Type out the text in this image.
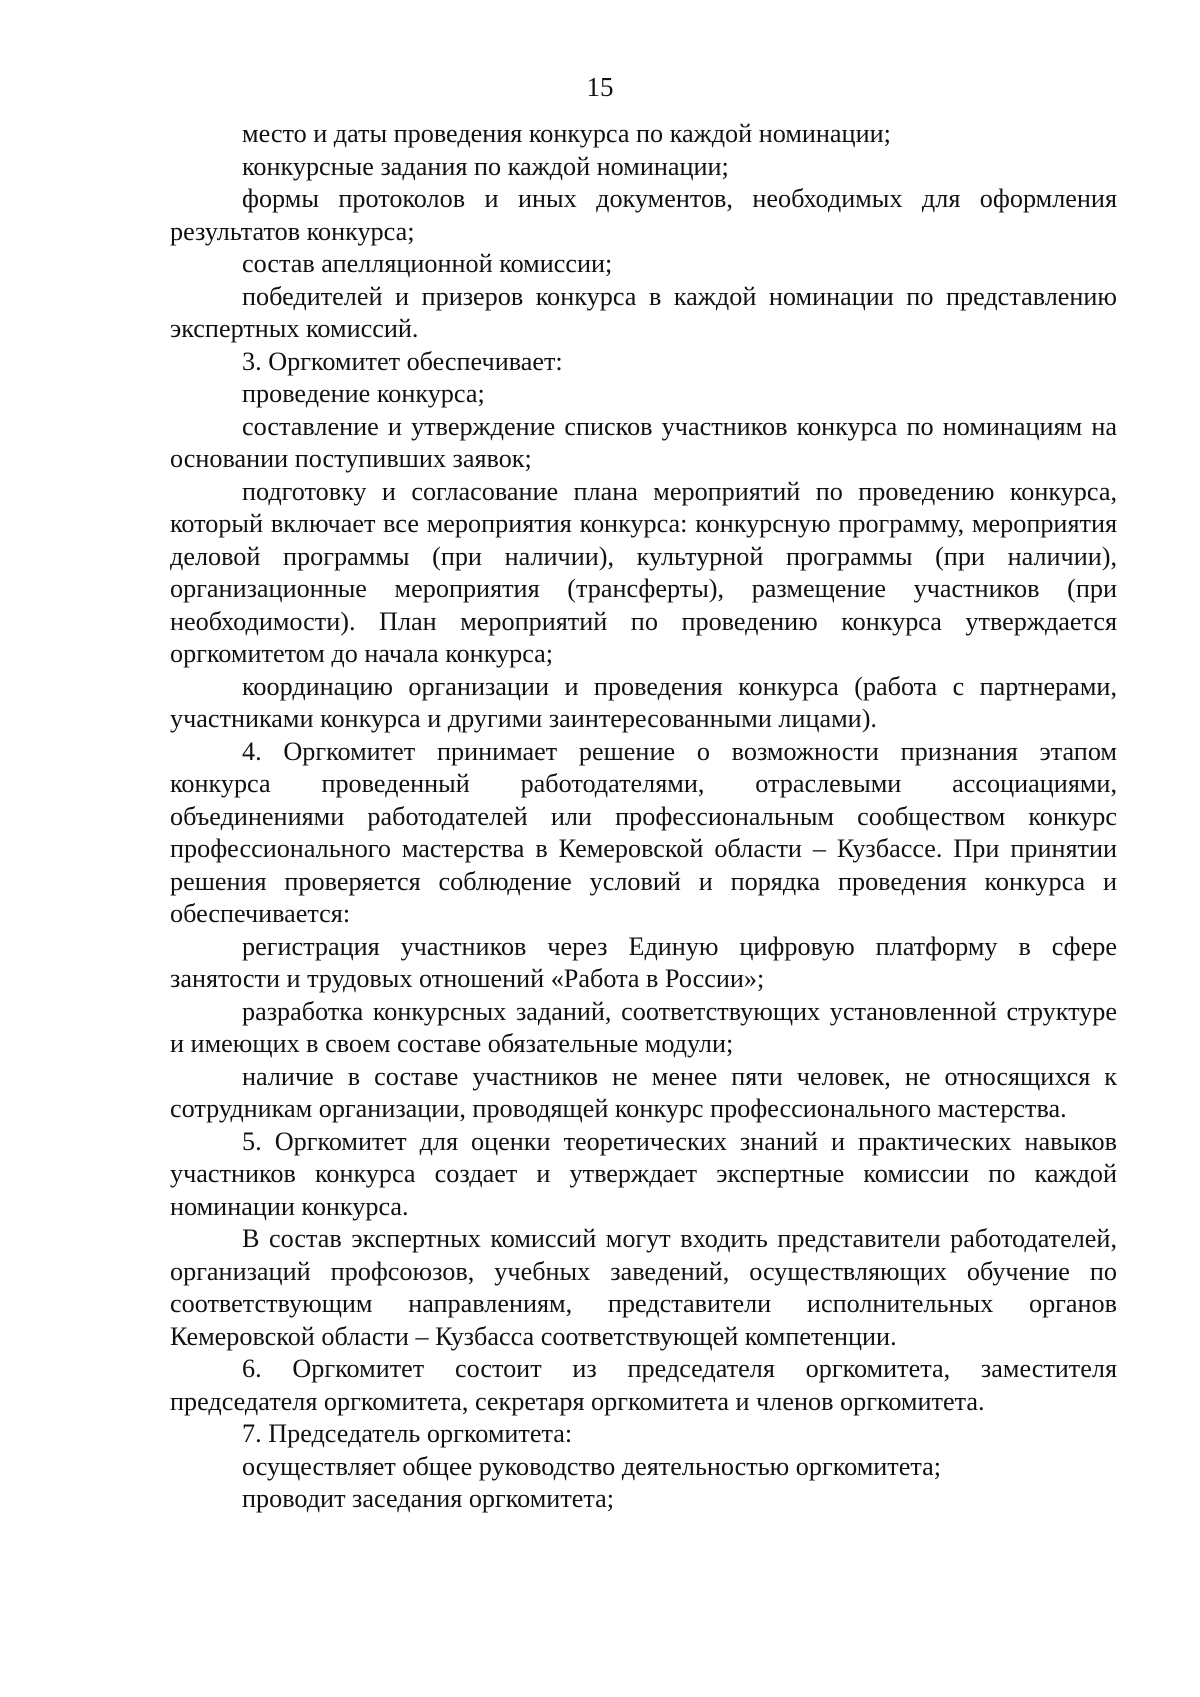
15

место и даты проведения конкурса по каждой номинации;

конкурсные задания по каждой номинации;

формы протоколов и иных документов, необходимых для оформления результатов конкурса;

состав апелляционной комиссии;

победителей и призеров конкурса в каждой номинации по представлению экспертных комиссий.

3. Оргкомитет обеспечивает:

проведение конкурса;

составление и утверждение списков участников конкурса по номинациям на основании поступивших заявок;

подготовку и согласование плана мероприятий по проведению конкурса, который включает все мероприятия конкурса: конкурсную программу, мероприятия деловой программы (при наличии), культурной программы (при наличии), организационные мероприятия (трансферты), размещение участников (при необходимости). План мероприятий по проведению конкурса утверждается оргкомитетом до начала конкурса;

координацию организации и проведения конкурса (работа с партнерами, участниками конкурса и другими заинтересованными лицами).

4. Оргкомитет принимает решение о возможности признания этапом конкурса проведенный работодателями, отраслевыми ассоциациями, объединениями работодателей или профессиональным сообществом конкурс профессионального мастерства в Кемеровской области – Кузбассе. При принятии решения проверяется соблюдение условий и порядка проведения конкурса и обеспечивается:

регистрация участников через Единую цифровую платформу в сфере занятости и трудовых отношений «Работа в России»;

разработка конкурсных заданий, соответствующих установленной структуре и имеющих в своем составе обязательные модули;

наличие в составе участников не менее пяти человек, не относящихся к сотрудникам организации, проводящей конкурс профессионального мастерства.

5. Оргкомитет для оценки теоретических знаний и практических навыков участников конкурса создает и утверждает экспертные комиссии по каждой номинации конкурса.

В состав экспертных комиссий могут входить представители работодателей, организаций профсоюзов, учебных заведений, осуществляющих обучение по соответствующим направлениям, представители исполнительных органов Кемеровской области – Кузбасса соответствующей компетенции.

6. Оргкомитет состоит из председателя оргкомитета, заместителя председателя оргкомитета, секретаря оргкомитета и членов оргкомитета.

7. Председатель оргкомитета:

осуществляет общее руководство деятельностью оргкомитета;

проводит заседания оргкомитета;
